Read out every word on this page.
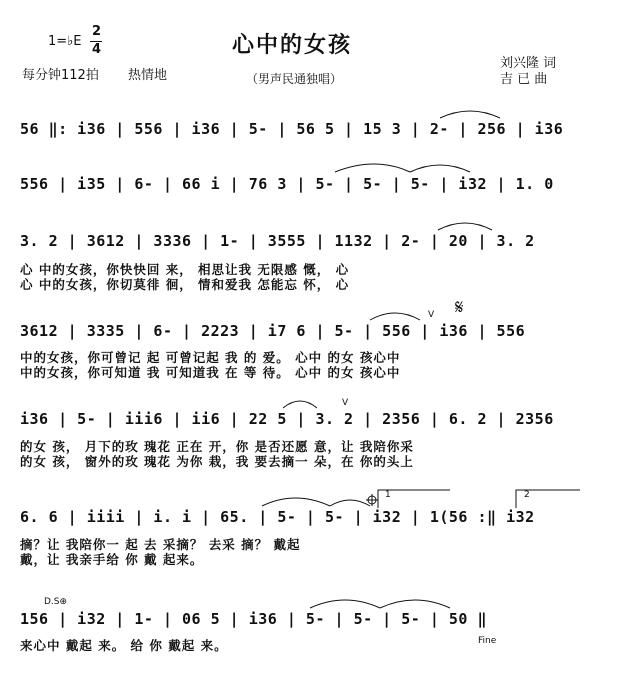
1=♭E
2
4
每分钟112拍 热情地
心中的女孩
（男声民通独唱）
刘兴隆 词
吉 已 曲
56 ‖: i36 | 556 | i36 | 5- | 56 5 | 15 3 | 2- | 256 | i36
556 | i35 | 6- | 66 i | 76 3 | 5- | 5- | 5- | i32 | 1. 0
3. 2 | 3612 | 3336 | 1- | 3555 | 1132 | 2- | 20 | 3. 2
心 中的女孩，你快快回 来， 相思让我 无限感 慨， 心
心 中的女孩，你切莫徘 徊， 情和爱我 怎能忘 怀， 心
3612 | 3335 | 6- | 2223 | i7 6 | 5- | 556 | i36 | 556
中的女孩，你可曾记 起 可曾记起 我 的 爱。 心中 的女 孩心中
中的女孩，你可知道 我 可知道我 在 等 待。 心中 的女 孩心中
i36 | 5- | iii6 | ii6 | 22 5 | 3. 2 | 2356 | 6. 2 | 2356
的女 孩， 月下的玫 瑰花 正在 开，你 是否还愿 意，让 我陪你采
的女 孩， 窗外的玫 瑰花 为你 栽，我 要去摘一 朵，在 你的头上
6. 6 | iiii | i. i | 65. | 5- | 5- | i32 | 1(56 :‖ i32
摘？让 我陪你一 起 去 采摘？ 去采 摘？ 戴起
戴，让 我亲手给 你 戴 起来。
D.S⊕
156 | i32 | 1- | 06 5 | i36 | 5- | 5- | 5- | 50 ‖
来心中 戴起 来。 给 你 戴起 来。	Fine
𝄋
V
V
1	2
